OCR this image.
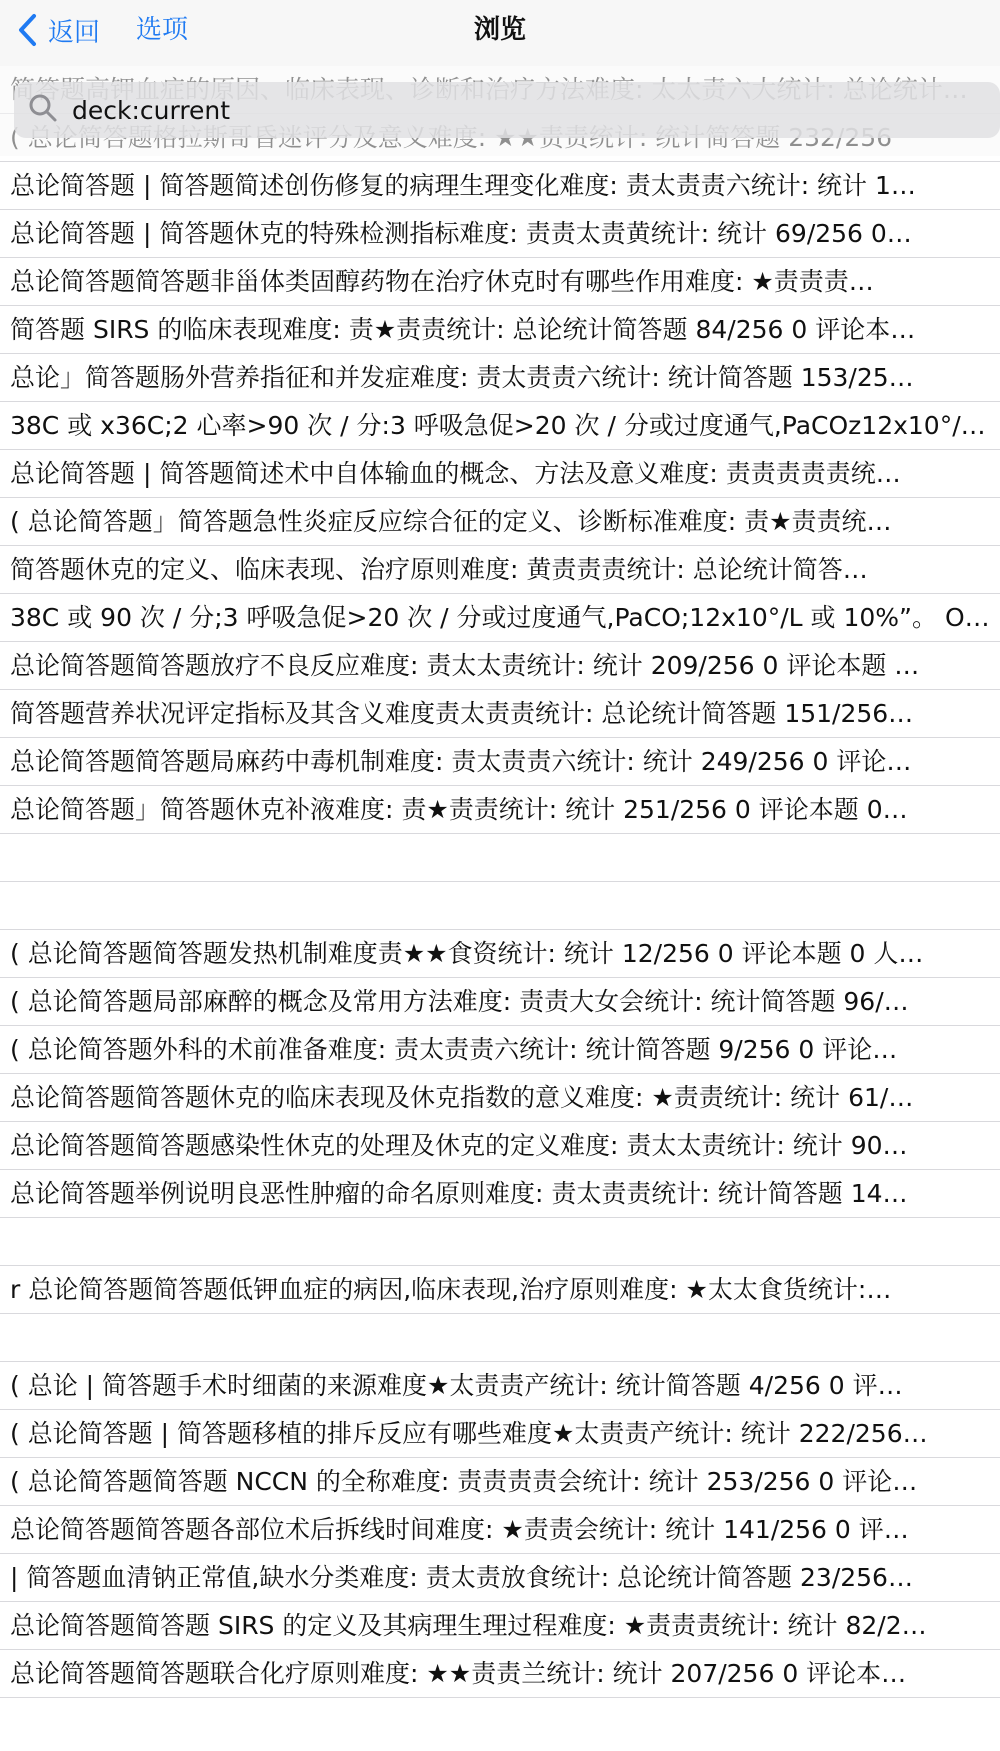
返回	浏览
选项
deck:current
总论简答题 | 简答题简述创伤修复的病理生理变化难度: 责太责责六统计: 统计 1…
总论简答题 | 简答题休克的特殊检测指标难度: 责责太责黄统计: 统计 69/256 0…
总论简答题简答题非甾体类固醇药物在治疗休克时有哪些作用难度: ★责责责…
简答题 SIRS 的临床表现难度: 责★责责统计: 总论统计简答题 84/256 0 评论本…
总论」简答题肠外营养指征和并发症难度: 责太责责六统计: 统计简答题 153/25…
38C 或 x36C;2 心率>90 次 / 分:3 呼吸急促>20 次 / 分或过度通气,PaCOz12x10°/…
总论简答题 | 简答题简述术中自体输血的概念、方法及意义难度: 责责责责责统…
( 总论简答题」简答题急性炎症反应综合征的定义、诊断标准难度: 责★责责统…
简答题休克的定义、临床表现、治疗原则难度: 黄责责责统计: 总论统计简答…
38C 或 90 次 / 分;3 呼吸急促>20 次 / 分或过度通气,PaCO;12x10°/L 或 10%”。 O…
总论简答题简答题放疗不良反应难度: 责太太责统计: 统计 209/256 0 评论本题 …
简答题营养状况评定指标及其含义难度责太责责统计: 总论统计简答题 151/256…
总论简答题简答题局麻药中毒机制难度: 责太责责六统计: 统计 249/256 0 评论…
总论简答题」简答题休克补液难度: 责★责责统计: 统计 251/256 0 评论本题 0…
( 总论简答题简答题发热机制难度责★★食资统计: 统计 12/256 0 评论本题 0 人…
( 总论简答题局部麻醉的概念及常用方法难度: 责责大女会统计: 统计简答题 96/…
( 总论简答题外科的术前准备难度: 责太责责六统计: 统计简答题 9/256 0 评论…
总论简答题简答题休克的临床表现及休克指数的意义难度: ★责责统计: 统计 61/…
总论简答题简答题感染性休克的处理及休克的定义难度: 责太太责统计: 统计 90…
总论简答题举例说明良恶性肿瘤的命名原则难度: 责太责责统计: 统计简答题 14…
r 总论简答题简答题低钾血症的病因,临床表现,治疗原则难度: ★太太食货统计:…
( 总论 | 简答题手术时细菌的来源难度★太责责产统计: 统计简答题 4/256 0 评…
( 总论简答题 | 简答题移植的排斥反应有哪些难度★太责责产统计: 统计 222/256…
( 总论简答题简答题 NCCN 的全称难度: 责责责责会统计: 统计 253/256 0 评论…
总论简答题简答题各部位术后拆线时间难度: ★责责会统计: 统计 141/256 0 评…
| 简答题血清钠正常值,缺水分类难度: 责太责放食统计: 总论统计简答题 23/256…
总论简答题简答题 SIRS 的定义及其病理生理过程难度: ★责责责统计: 统计 82/2…
总论简答题简答题联合化疗原则难度: ★★责责兰统计: 统计 207/256 0 评论本…
